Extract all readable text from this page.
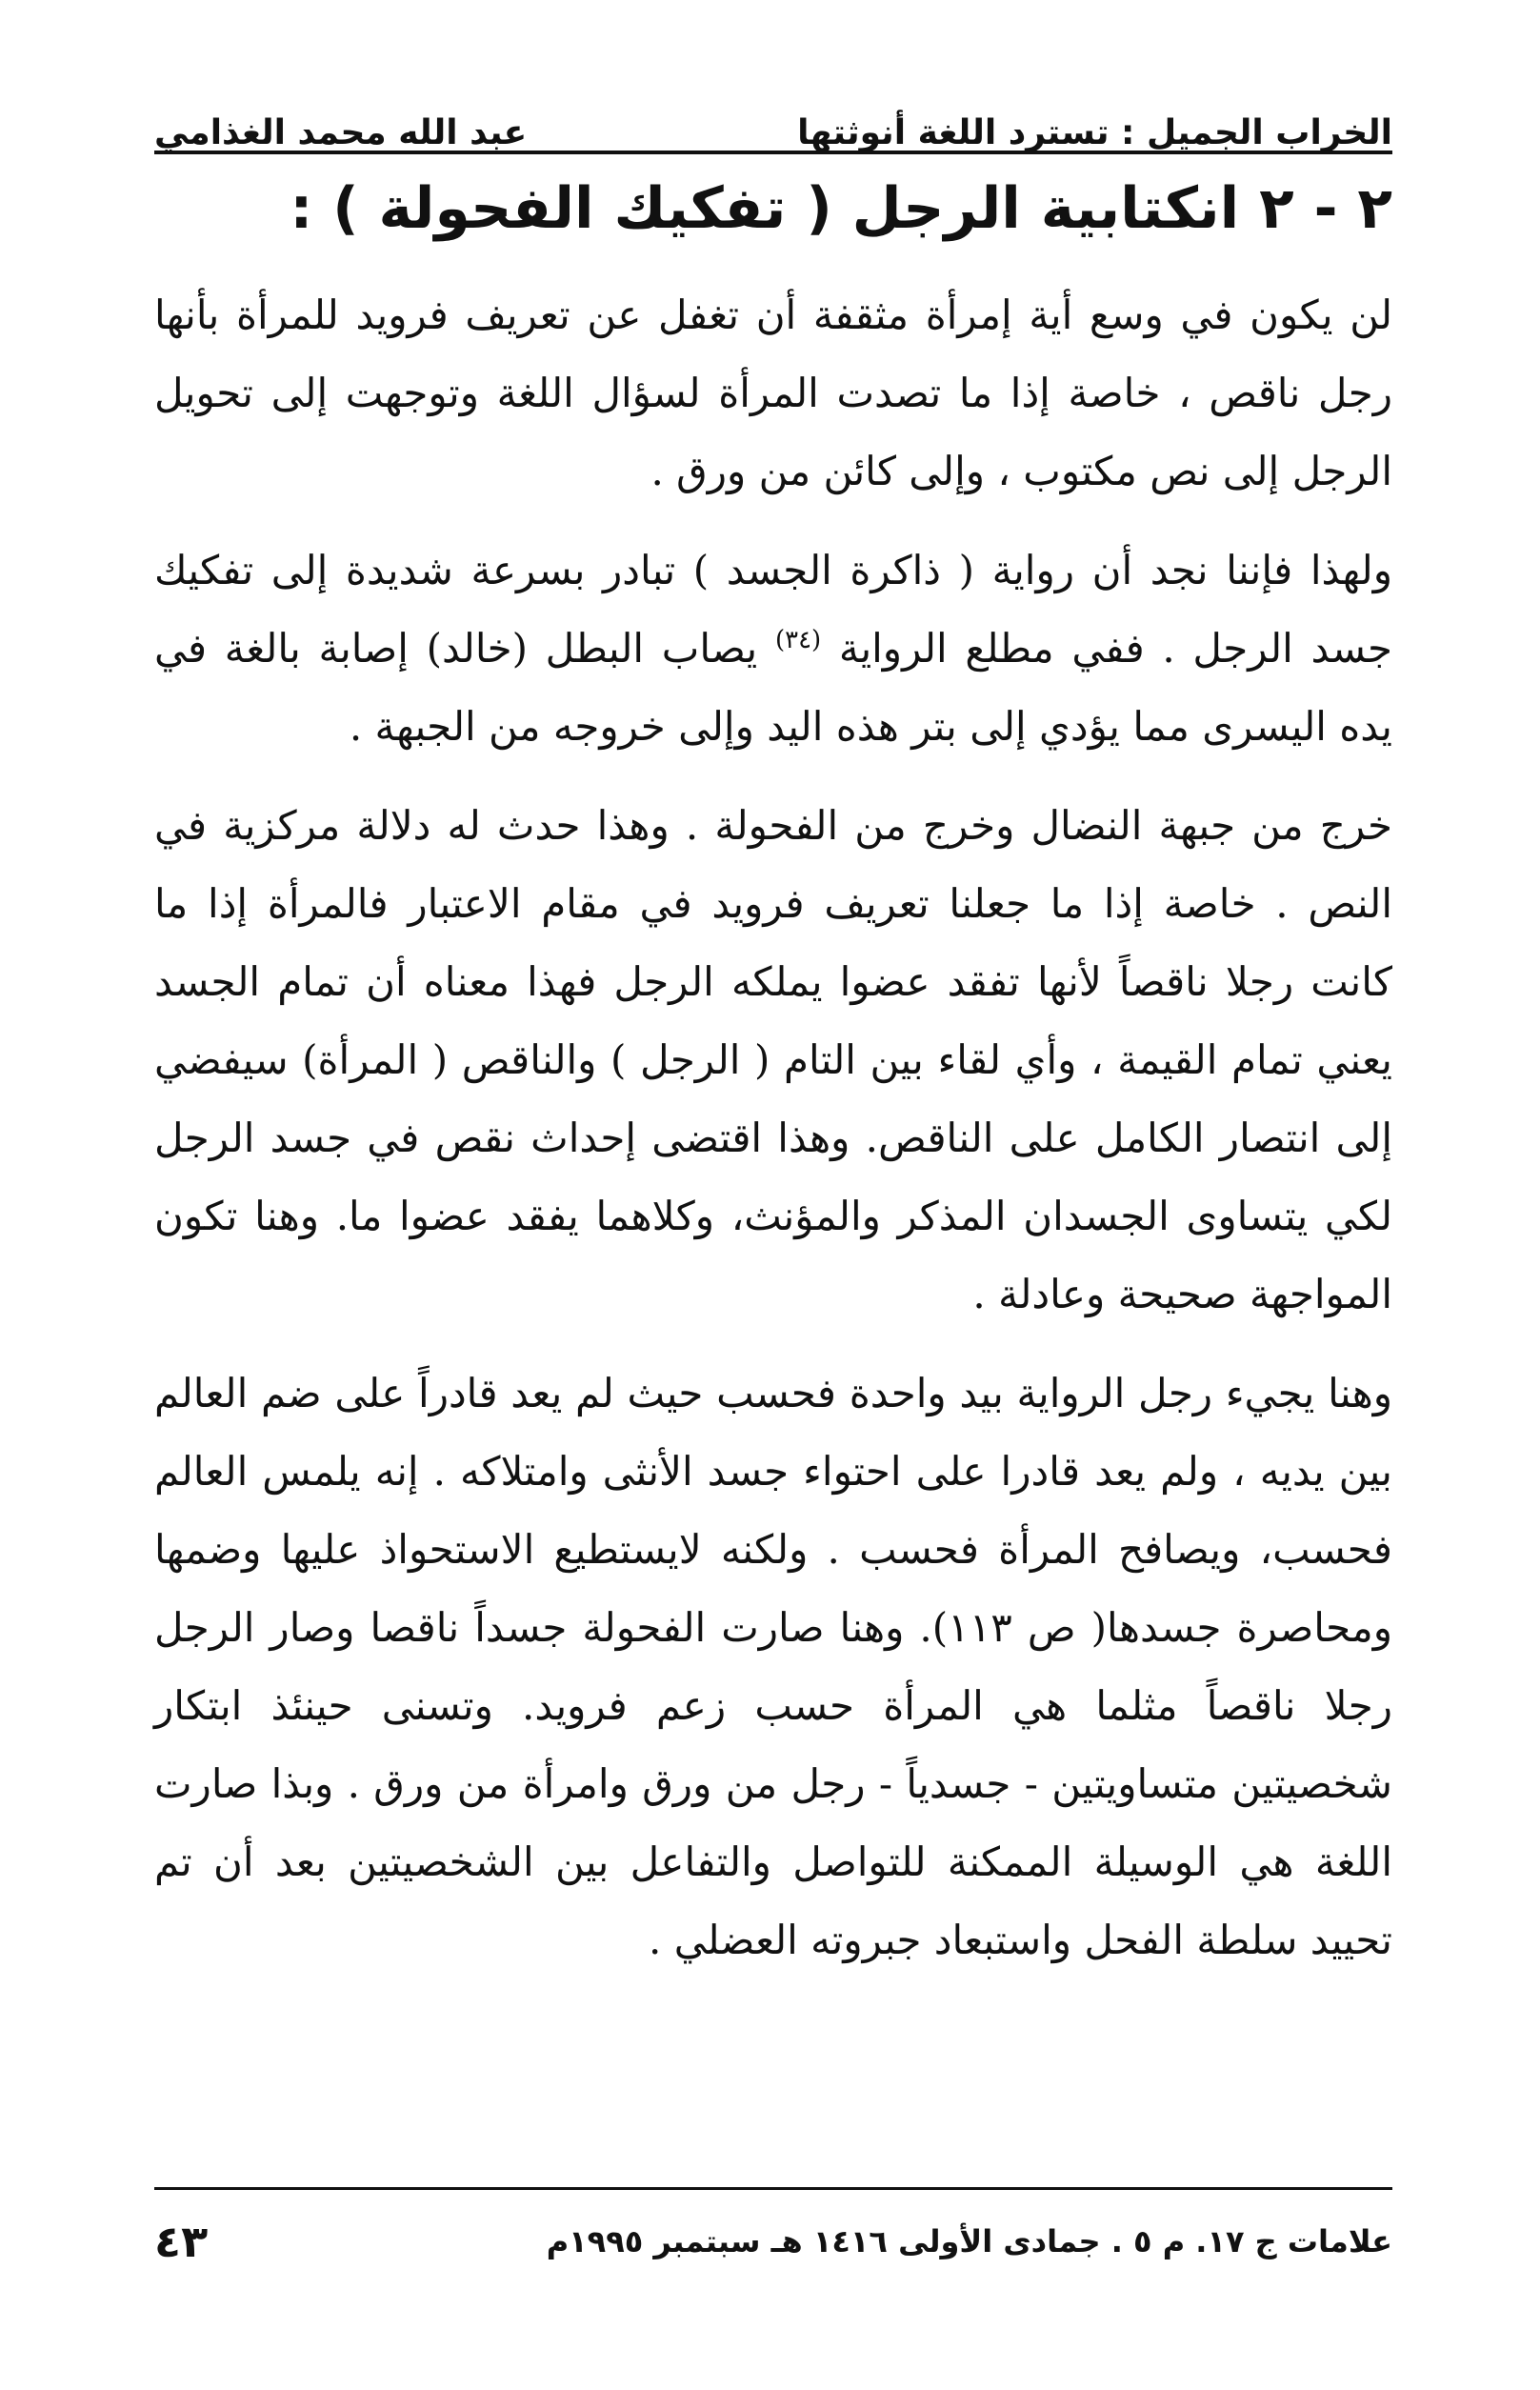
الخراب الجميل : تسترد اللغة أنوثتها
عبد الله محمد الغذامي
٢ - ٢ انكتابية الرجل ( تفكيك الفحولة ) :

لن يكون في وسع أية إمرأة مثقفة أن تغفل عن تعريف فرويد للمرأة بأنها رجل ناقص ، خاصة إذا ما تصدت المرأة لسؤال اللغة وتوجهت إلى تحويل الرجل إلى نص مكتوب ، وإلى كائن من ورق .

ولهذا فإننا نجد أن رواية ( ذاكرة الجسد ) تبادر بسرعة شديدة إلى تفكيك جسد الرجل . ففي مطلع الرواية $^{(٣٤)}$ يصاب البطل (خالد) إصابة بالغة في يده اليسرى مما يؤدي إلى بتر هذه اليد وإلى خروجه من الجبهة .

خرج من جبهة النضال وخرج من الفحولة . وهذا حدث له دلالة مركزية في النص . خاصة إذا ما جعلنا تعريف فرويد في مقام الاعتبار فالمرأة إذا ما كانت رجلا ناقصاً لأنها تفقد عضوا يملكه الرجل فهذا معناه أن تمام الجسد يعني تمام القيمة ، وأي لقاء بين التام ( الرجل ) والناقص ( المرأة) سيفضي إلى انتصار الكامل على الناقص. وهذا اقتضى إحداث نقص في جسد الرجل لكي يتساوى الجسدان المذكر والمؤنث، وكلاهما يفقد عضوا ما. وهنا تكون المواجهة صحيحة وعادلة .

وهنا يجيء رجل الرواية بيد واحدة فحسب حيث لم يعد قادراً على ضم العالم بين يديه ، ولم يعد قادرا على احتواء جسد الأنثى وامتلاكه . إنه يلمس العالم فحسب، ويصافح المرأة فحسب . ولكنه لايستطيع الاستحواذ عليها وضمها ومحاصرة جسدها( ص ١١٣). وهنا صارت الفحولة جسداً ناقصا وصار الرجل رجلا ناقصاً مثلما هي المرأة حسب زعم فرويد. وتسنى حينئذ ابتكار شخصيتين متساويتين - جسدياً - رجل من ورق وامرأة من ورق . وبذا صارت اللغة هي الوسيلة الممكنة للتواصل والتفاعل بين الشخصيتين بعد أن تم تحييد سلطة الفحل واستبعاد جبروته العضلي .

علامات ج ١٧. م ٥ . جمادى الأولى ١٤١٦ هـ سبتمبر ١٩٩٥م
٤٣
